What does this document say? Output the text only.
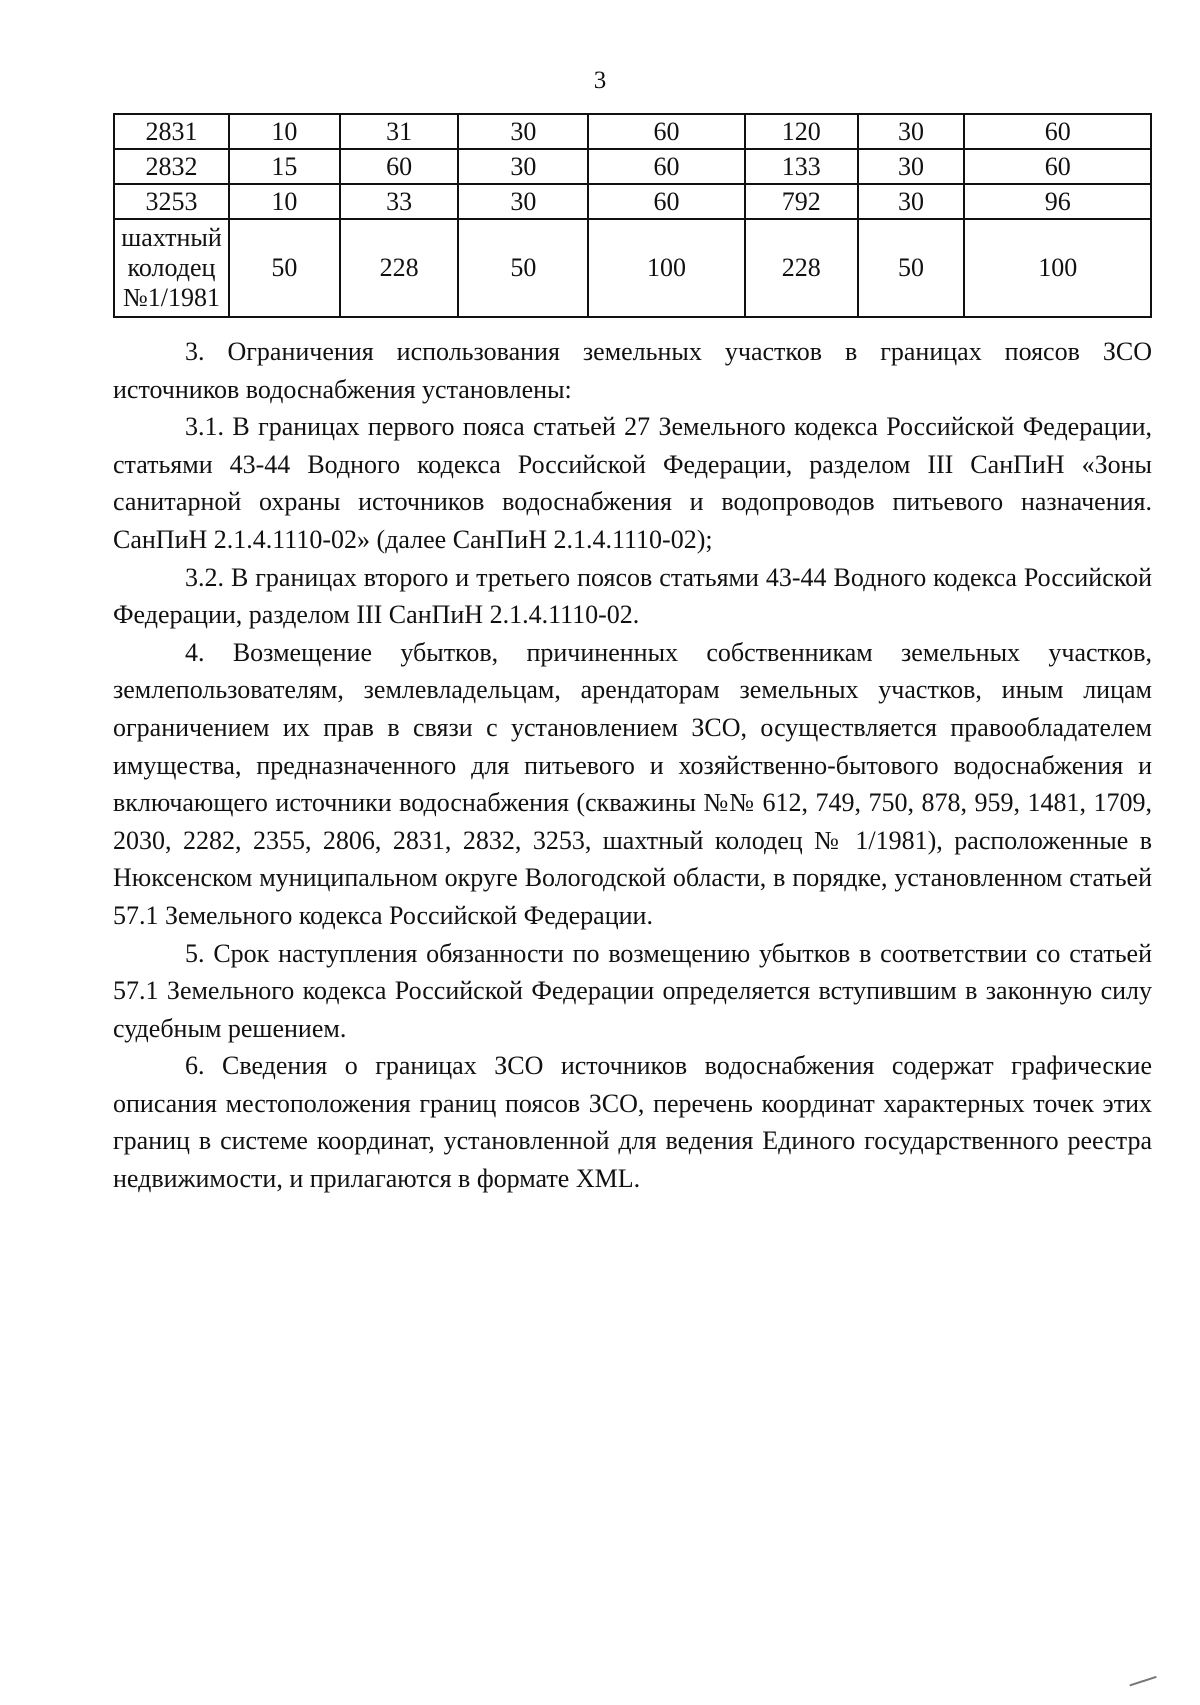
3
2831	10	31	30	60	120	30	60
2832	15	60	30	60	133	30	60
3253	10	33	30	60	792	30	96
шахтный колодец №1/1981	50	228	50	100	228	50	100

3. Ограничения использования земельных участков в границах поясов ЗСО источников водоснабжения установлены:

3.1. В границах первого пояса статьей 27 Земельного кодекса Российской Федерации, статьями 43-44 Водного кодекса Российской Федерации, разделом III СанПиН «Зоны санитарной охраны источников водоснабжения и водопроводов питьевого назначения. СанПиН 2.1.4.1110-02» (далее СанПиН 2.1.4.1110-02);

3.2. В границах второго и третьего поясов статьями 43-44 Водного кодекса Российской Федерации, разделом III СанПиН 2.1.4.1110-02.

4. Возмещение убытков, причиненных собственникам земельных участков, землепользователям, землевладельцам, арендаторам земельных участков, иным лицам ограничением их прав в связи с установлением ЗСО, осуществляется правообладателем имущества, предназначенного для питьевого и хозяйственно-бытового водоснабжения и включающего источники водоснабжения (скважины №№ 612, 749, 750, 878, 959, 1481, 1709, 2030, 2282, 2355, 2806, 2831, 2832, 3253, шахтный колодец № 1/1981), расположенные в Нюксенском муниципальном округе Вологодской области, в порядке, установленном статьей 57.1 Земельного кодекса Российской Федерации.

5. Срок наступления обязанности по возмещению убытков в соответствии со статьей 57.1 Земельного кодекса Российской Федерации определяется вступившим в законную силу судебным решением.

6. Сведения о границах ЗСО источников водоснабжения содержат графические описания местоположения границ поясов ЗСО, перечень координат характерных точек этих границ в системе координат, установленной для ведения Единого государственного реестра недвижимости, и прилагаются в формате XML.
